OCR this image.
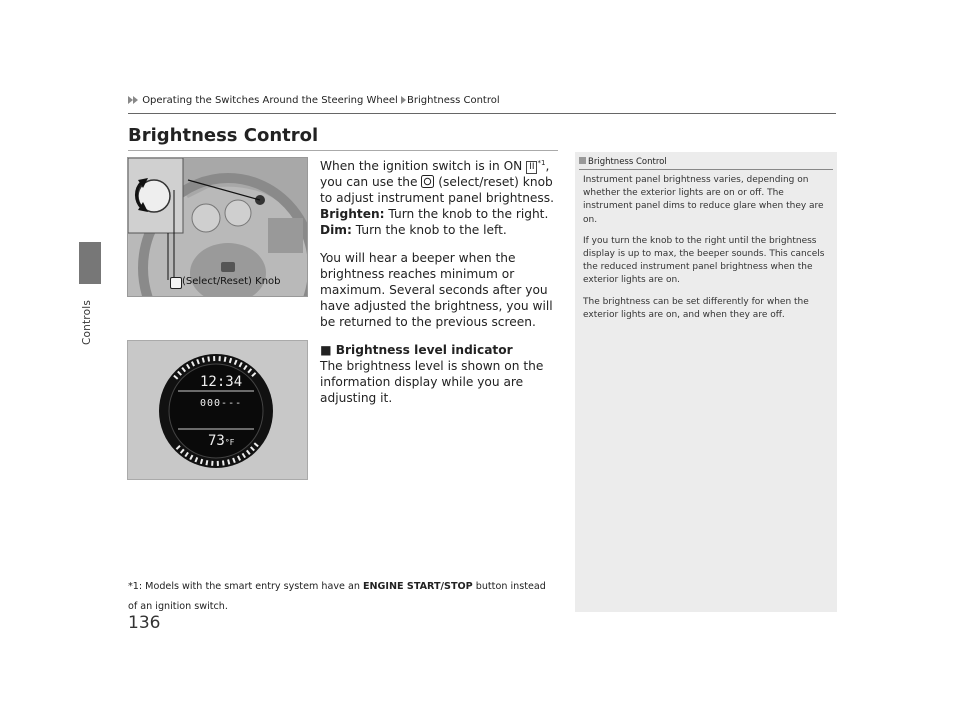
Controls
Operating the Switches Around the Steering Wheel Brightness Control
Brightness Control
(Select/Reset) Knob
12:34
000---
73°F

When the ignition switch is in ON II $^{*1}$, you can use the  (select/reset) knob to adjust instrument panel brightness.

Brighten: Turn the knob to the right.

Dim: Turn the knob to the left.

You will hear a beeper when the brightness reaches minimum or maximum. Several seconds after you have adjusted the brightness, you will be returned to the previous screen.

■ Brightness level indicator

The brightness level is shown on the information display while you are adjusting it.

*1: Models with the smart entry system have an ENGINE START/STOP button instead of an ignition switch.
136
Brightness Control

Instrument panel brightness varies, depending on whether the exterior lights are on or off. The instrument panel dims to reduce glare when they are on.

If you turn the knob to the right until the brightness display is up to max, the beeper sounds. This cancels the reduced instrument panel brightness when the exterior lights are on.

The brightness can be set differently for when the exterior lights are on, and when they are off.
